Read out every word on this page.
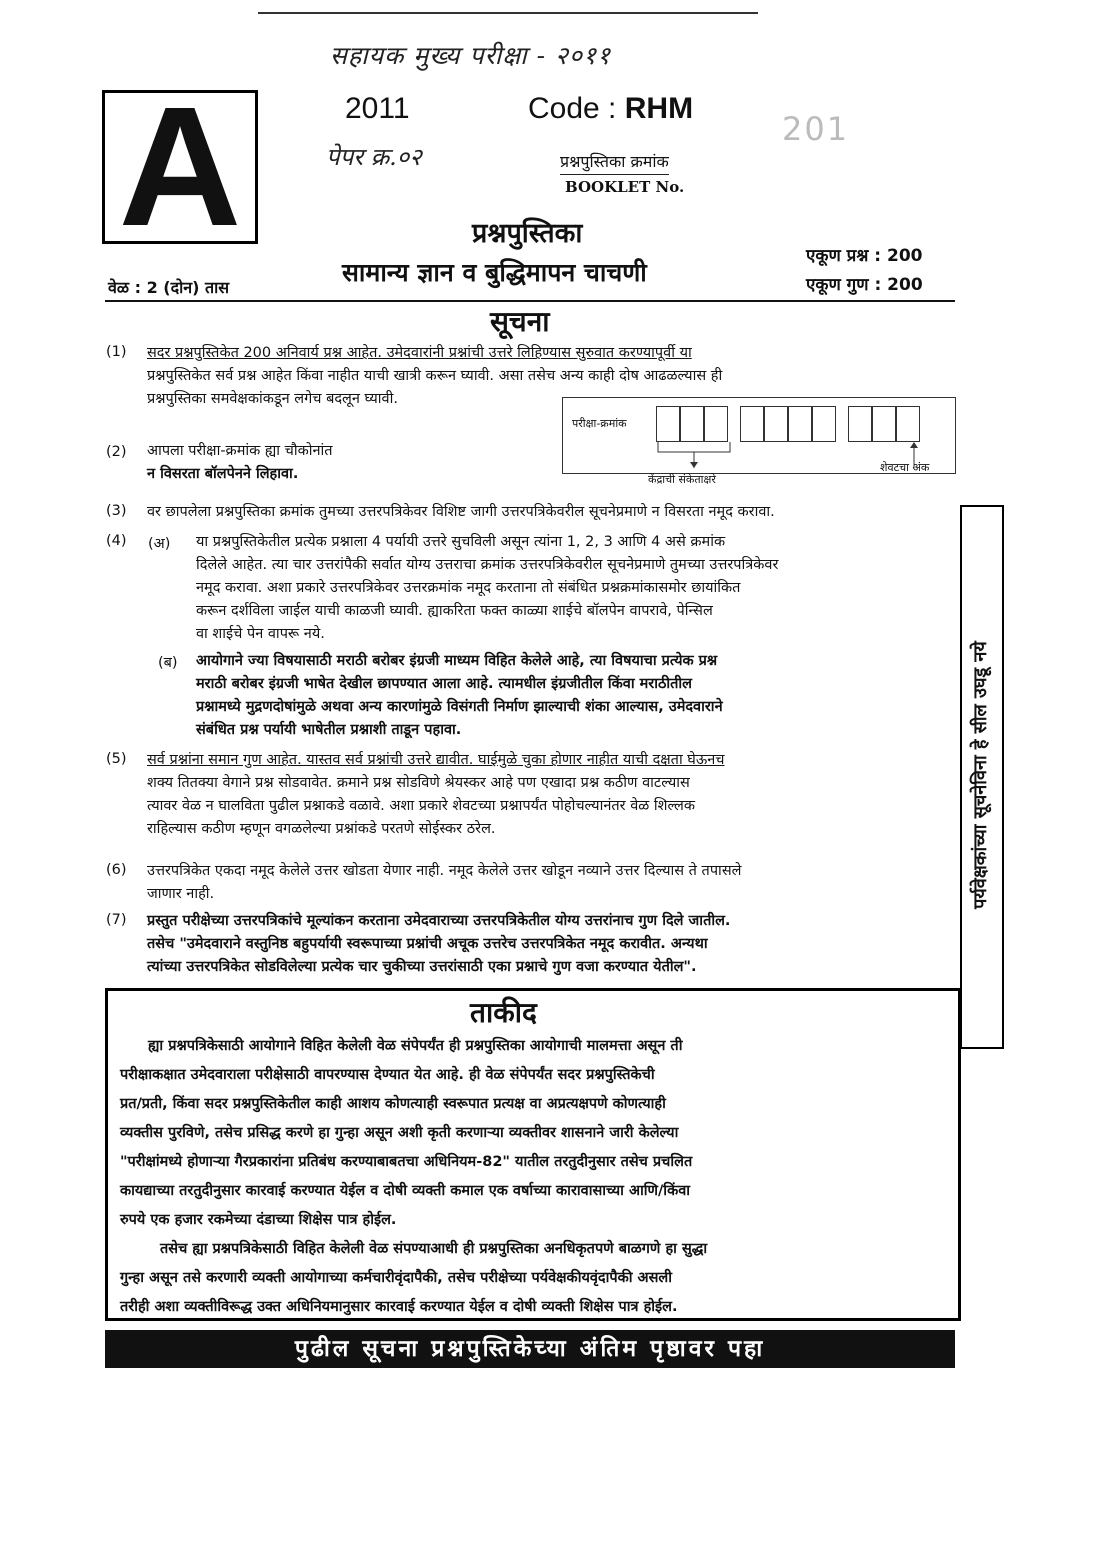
सहायक मुख्य परीक्षा - २०११
A	2011	Code : RHM
201
पेपर क्र.०२	प्रश्नपुस्तिका क्रमांक
BOOKLET No.
प्रश्नपुस्तिका
सामान्य ज्ञान व बुद्धिमापन चाचणी
एकूण प्रश्न : 200
एकूण गुण : 200
वेळ : 2 (दोन) तास
सूचना
(1) सदर प्रश्नपुस्तिकेत 200 अनिवार्य प्रश्न आहेत. उमेदवारांनी प्रश्नांची उत्तरे लिहिण्यास सुरुवात करण्यापूर्वी या
प्रश्नपुस्तिकेत सर्व प्रश्न आहेत किंवा नाहीत याची खात्री करून घ्यावी. असा तसेच अन्य काही दोष आढळल्यास ही
प्रश्नपुस्तिका समवेक्षकांकडून लगेच बदलून घ्यावी.
परीक्षा-क्रमांक
केंद्राची संकेताक्षरे
शेवटचा अंक
(2) आपला परीक्षा-क्रमांक ह्या चौकोनांत
न विसरता बॉलपेनने लिहावा.
(3) वर छापलेला प्रश्नपुस्तिका क्रमांक तुमच्या उत्तरपत्रिकेवर विशिष्ट जागी उत्तरपत्रिकेवरील सूचनेप्रमाणे न विसरता नमूद करावा.
(4) (अ) या प्रश्नपुस्तिकेतील प्रत्येक प्रश्नाला 4 पर्यायी उत्तरे सुचविली असून त्यांना 1, 2, 3 आणि 4 असे क्रमांक
दिलेले आहेत. त्या चार उत्तरांपैकी सर्वात योग्य उत्तराचा क्रमांक उत्तरपत्रिकेवरील सूचनेप्रमाणे तुमच्या उत्तरपत्रिकेवर
नमूद करावा. अशा प्रकारे उत्तरपत्रिकेवर उत्तरक्रमांक नमूद करताना तो संबंधित प्रश्नक्रमांकासमोर छायांकित
करून दर्शविला जाईल याची काळजी घ्यावी. ह्याकरिता फक्त काळ्या शाईचे बॉलपेन वापरावे, पेन्सिल
वा शाईचे पेन वापरू नये.
(ब) आयोगाने ज्या विषयासाठी मराठी बरोबर इंग्रजी माध्यम विहित केलेले आहे, त्या विषयाचा प्रत्येक प्रश्न
मराठी बरोबर इंग्रजी भाषेत देखील छापण्यात आला आहे. त्यामधील इंग्रजीतील किंवा मराठीतील
प्रश्नामध्ये मुद्रणदोषांमुळे अथवा अन्य कारणांमुळे विसंगती निर्माण झाल्याची शंका आल्यास, उमेदवाराने
संबंधित प्रश्न पर्यायी भाषेतील प्रश्नाशी ताडून पहावा.
(5) सर्व प्रश्नांना समान गुण आहेत. यास्तव सर्व प्रश्नांची उत्तरे द्यावीत. घाईमुळे चुका होणार नाहीत याची दक्षता घेऊनच
शक्य तितक्या वेगाने प्रश्न सोडवावेत. क्रमाने प्रश्न सोडविणे श्रेयस्कर आहे पण एखादा प्रश्न कठीण वाटल्यास
त्यावर वेळ न घालविता पुढील प्रश्नाकडे वळावे. अशा प्रकारे शेवटच्या प्रश्नापर्यंत पोहोचल्यानंतर वेळ शिल्लक
राहिल्यास कठीण म्हणून वगळलेल्या प्रश्नांकडे परतणे सोईस्कर ठरेल.
(6) उत्तरपत्रिकेत एकदा नमूद केलेले उत्तर खोडता येणार नाही. नमूद केलेले उत्तर खोडून नव्याने उत्तर दिल्यास ते तपासले
जाणार नाही.
(7) प्रस्तुत परीक्षेच्या उत्तरपत्रिकांचे मूल्यांकन करताना उमेदवाराच्या उत्तरपत्रिकेतील योग्य उत्तरांनाच गुण दिले जातील.
तसेच "उमेदवाराने वस्तुनिष्ठ बहुपर्यायी स्वरूपाच्या प्रश्नांची अचूक उत्तरेच उत्तरपत्रिकेत नमूद करावीत. अन्यथा
त्यांच्या उत्तरपत्रिकेत सोडविलेल्या प्रत्येक चार चुकीच्या उत्तरांसाठी एका प्रश्नाचे गुण वजा करण्यात येतील".
पर्यवेक्षकांच्या सूचनेविना हे सील उघडू नये
ताकीद
ह्या प्रश्नपत्रिकेसाठी आयोगाने विहित केलेली वेळ संपेपर्यंत ही प्रश्नपुस्तिका आयोगाची मालमत्ता असून ती
परीक्षाकक्षात उमेदवाराला परीक्षेसाठी वापरण्यास देण्यात येत आहे. ही वेळ संपेपर्यंत सदर प्रश्नपुस्तिकेची
प्रत/प्रती, किंवा सदर प्रश्नपुस्तिकेतील काही आशय कोणत्याही स्वरूपात प्रत्यक्ष वा अप्रत्यक्षपणे कोणत्याही
व्यक्तीस पुरविणे, तसेच प्रसिद्ध करणे हा गुन्हा असून अशी कृती करणाऱ्या व्यक्तीवर शासनाने जारी केलेल्या
"परीक्षांमध्ये होणाऱ्या गैरप्रकारांना प्रतिबंध करण्याबाबतचा अधिनियम-82" यातील तरतुदीनुसार तसेच प्रचलित
कायद्याच्या तरतुदीनुसार कारवाई करण्यात येईल व दोषी व्यक्ती कमाल एक वर्षाच्या कारावासाच्या आणि/किंवा
रुपये एक हजार रकमेच्या दंडाच्या शिक्षेस पात्र होईल.
तसेच ह्या प्रश्नपत्रिकेसाठी विहित केलेली वेळ संपण्याआधी ही प्रश्नपुस्तिका अनधिकृतपणे बाळगणे हा सुद्धा
गुन्हा असून तसे करणारी व्यक्ती आयोगाच्या कर्मचारीवृंदापैकी, तसेच परीक्षेच्या पर्यवेक्षकीयवृंदापैकी असली
तरीही अशा व्यक्तीविरूद्ध उक्त अधिनियमानुसार कारवाई करण्यात येईल व दोषी व्यक्ती शिक्षेस पात्र होईल.
पुढील सूचना प्रश्नपुस्तिकेच्या अंतिम पृष्ठावर पहा
